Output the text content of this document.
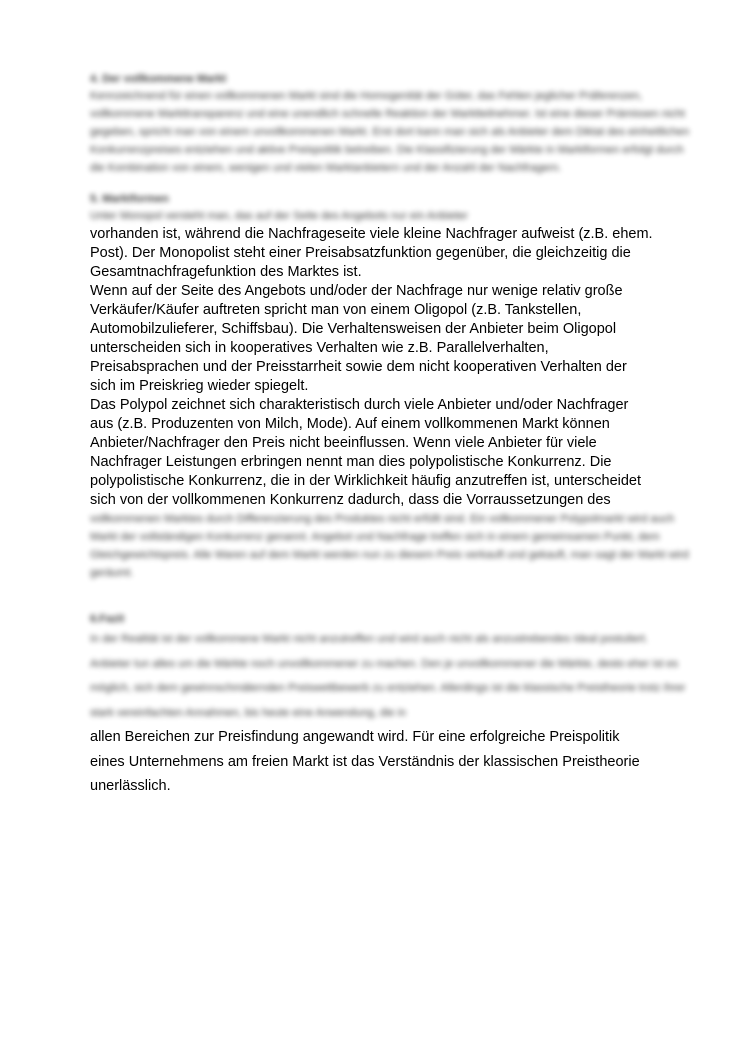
4. Der vollkommene Markt

Kennzeichnend für einen vollkommenen Markt sind die Homogenität der Güter, das Fehlen jeglicher Präferenzen, vollkommene Markttransparenz und eine unendlich schnelle Reaktion der Marktteilnehmer. Ist eine dieser Prämissen nicht gegeben, spricht man von einem unvollkommenen Markt. Erst dort kann man sich als Anbieter dem Diktat des einheitlichen Konkurrenzpreises entziehen und aktive Preispolitik betreiben. Die Klassifizierung der Märkte in Marktformen erfolgt durch die Kombination von einem, wenigen und vielen Marktanbietern und der Anzahl der Nachfragern.

5. Marktformen

Unter Monopol versteht man, das auf der Seite des Angebots nur ein Anbieter

vorhanden ist, während die Nachfrageseite viele kleine Nachfrager aufweist (z.B. ehem.
Post). Der Monopolist steht einer Preisabsatzfunktion gegenüber, die gleichzeitig die
Gesamtnachfragefunktion des Marktes ist.
Wenn auf der Seite des Angebots und/oder der Nachfrage nur wenige relativ große
Verkäufer/Käufer auftreten spricht man von einem Oligopol (z.B. Tankstellen,
Automobilzulieferer, Schiffsbau). Die Verhaltensweisen der Anbieter beim Oligopol
unterscheiden sich in kooperatives Verhalten wie z.B. Parallelverhalten,
Preisabsprachen und der Preisstarrheit sowie dem nicht kooperativen Verhalten der
sich im Preiskrieg wieder spiegelt.
Das Polypol zeichnet sich charakteristisch durch viele Anbieter und/oder Nachfrager
aus (z.B. Produzenten von Milch, Mode). Auf einem vollkommenen Markt können
Anbieter/Nachfrager den Preis nicht beeinflussen. Wenn viele Anbieter für viele
Nachfrager Leistungen erbringen nennt man dies polypolistische Konkurrenz. Die
polypolistische Konkurrenz, die in der Wirklichkeit häufig anzutreffen ist, unterscheidet
sich von der vollkommenen Konkurrenz dadurch, dass die Vorraussetzungen des

vollkommenen Marktes durch Differenzierung des Produktes nicht erfüllt sind. Ein vollkommener Polypolmarkt wird auch Markt der vollständigen Konkurrenz genannt. Angebot und Nachfrage treffen sich in einem gemeinsamen Punkt, dem Gleichgewichtspreis. Alle Waren auf dem Markt werden nun zu diesem Preis verkauft und gekauft, man sagt der Markt wird geräumt.

6.Fazit

In der Realität ist der vollkommene Markt nicht anzutreffen und wird auch nicht als anzustrebendes Ideal postuliert. Anbieter tun alles um die Märkte noch unvollkommener zu machen. Den je unvollkommener die Märkte, desto eher ist es möglich, sich dem gewinnschmälernden Preiswettbewerb zu entziehen. Allerdings ist die klassische Preistheorie trotz ihrer stark vereinfachten Annahmen, bis heute eine Anwendung, die in

allen Bereichen zur Preisfindung angewandt wird. Für eine erfolgreiche Preispolitik
eines Unternehmens am freien Markt ist das Verständnis der klassischen Preistheorie
unerlässlich.
